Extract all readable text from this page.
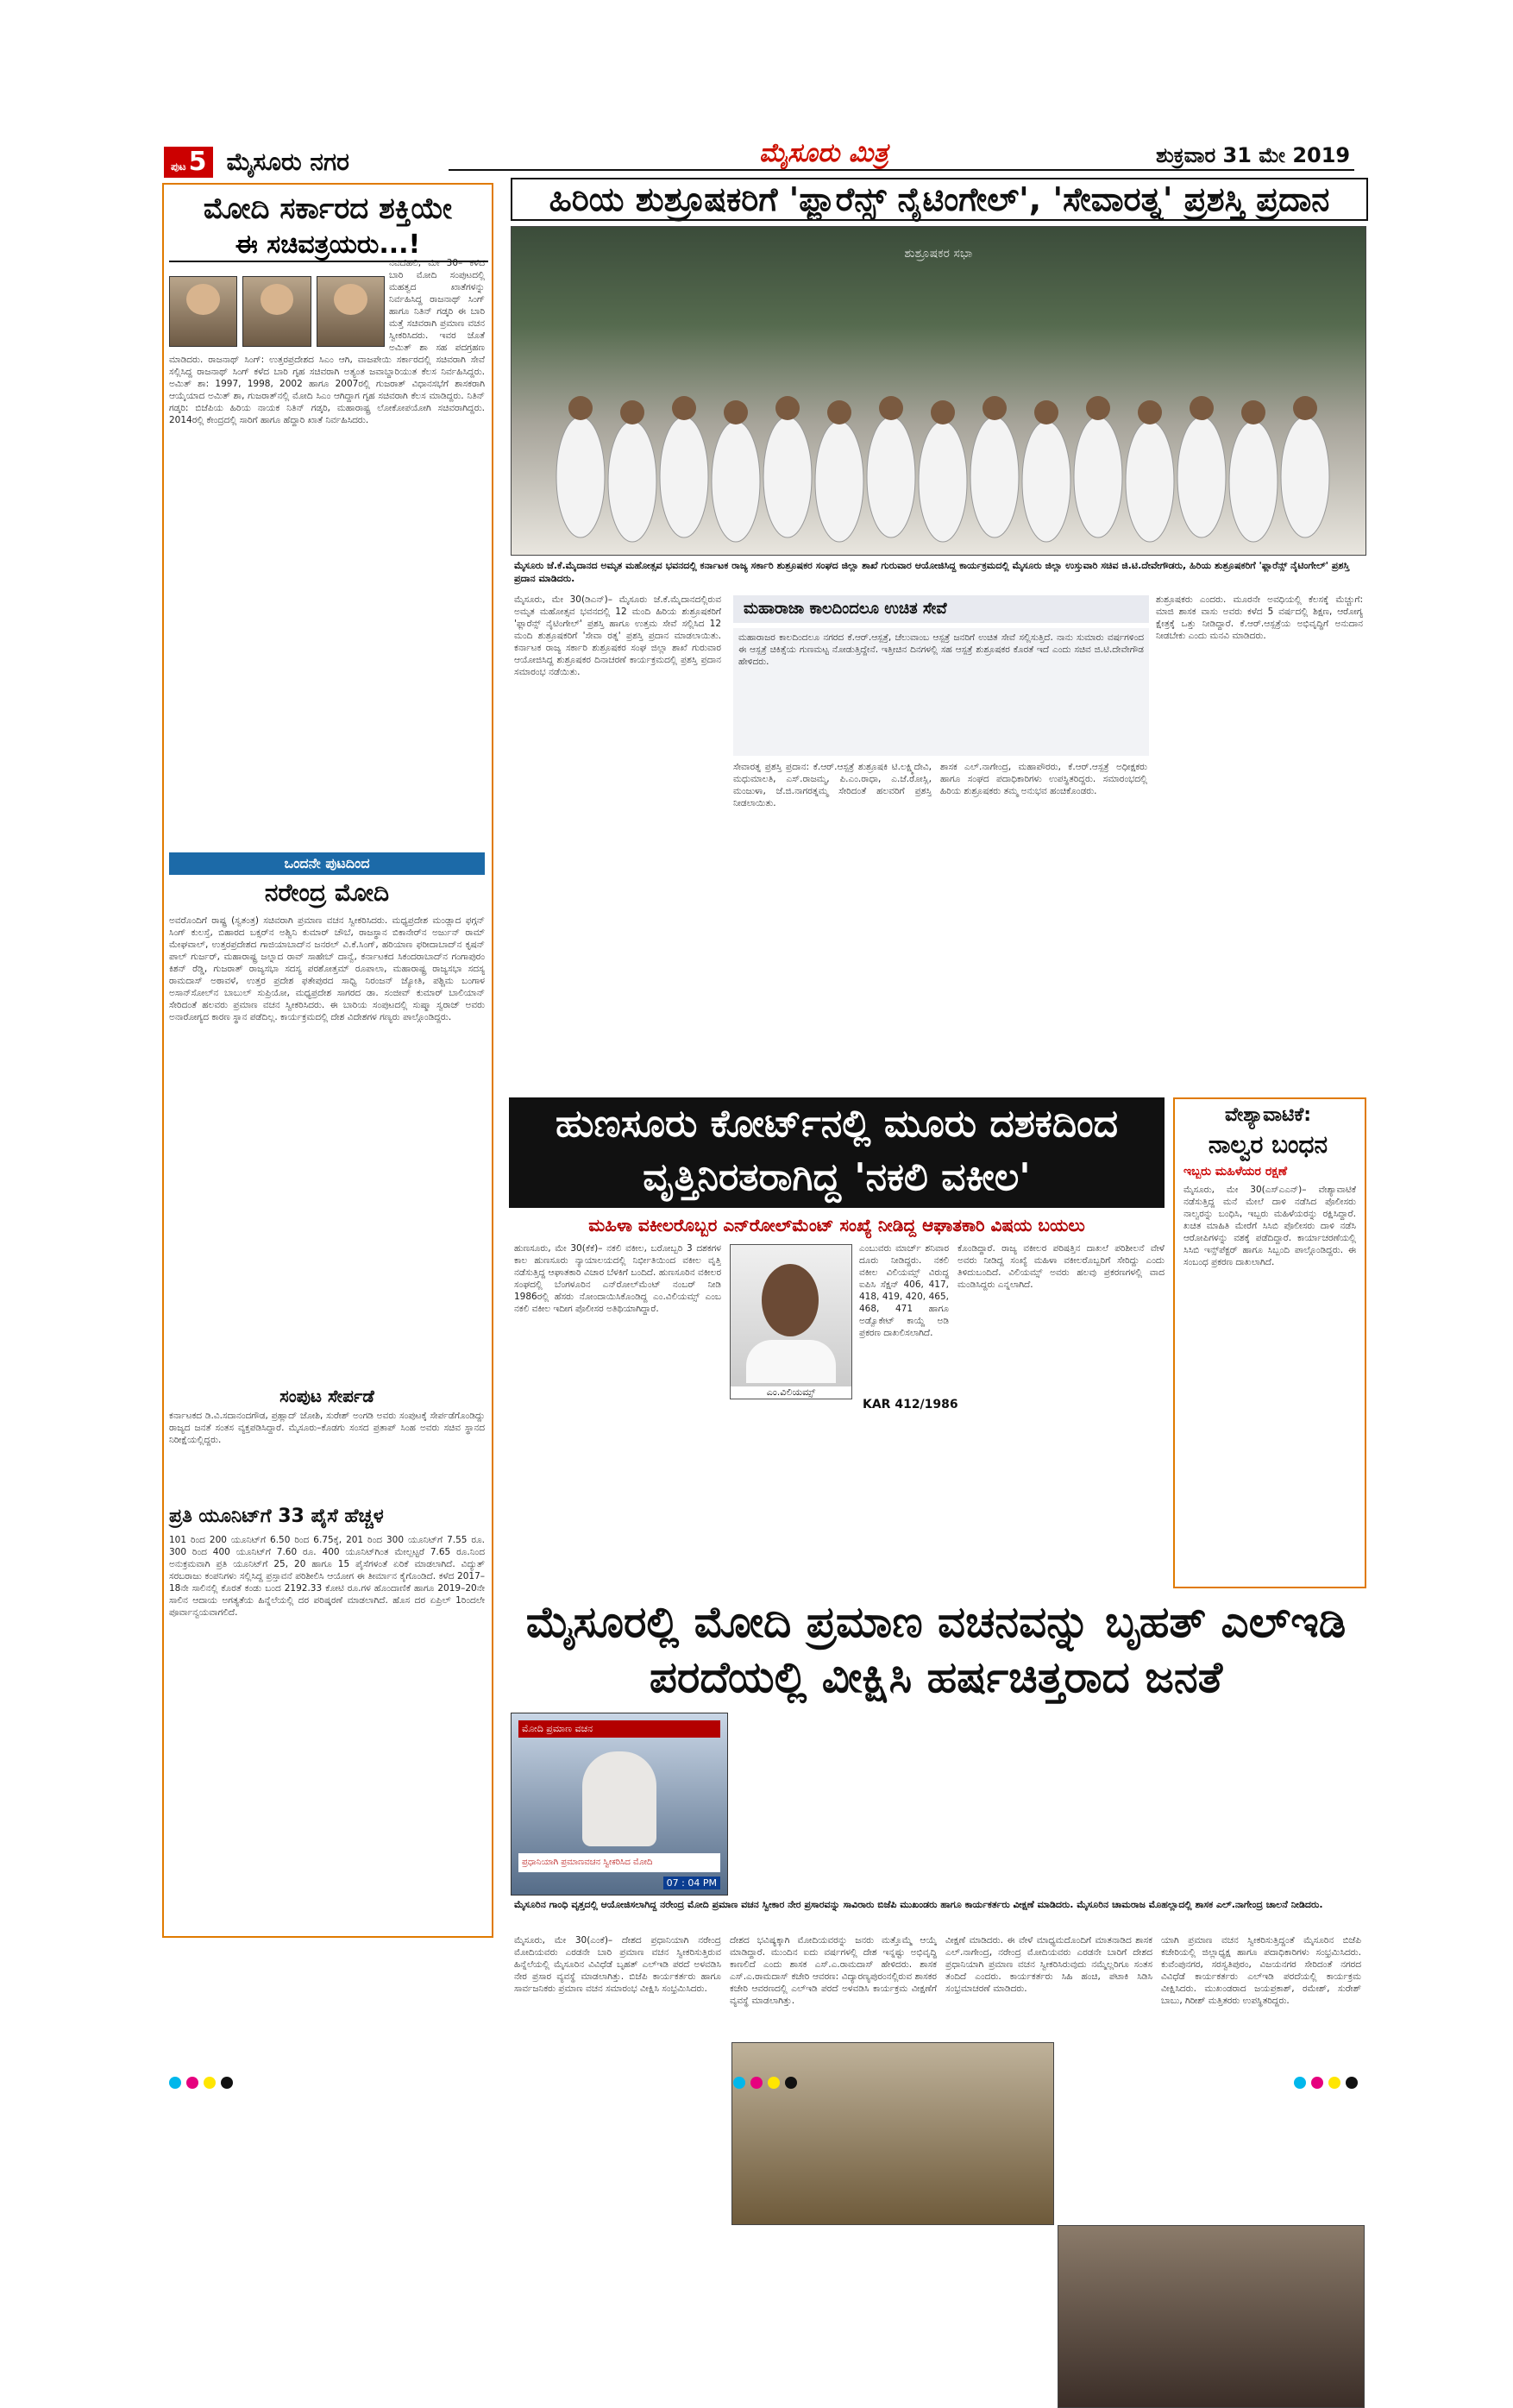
ಪುಟ 5 ಮೈಸೂರು ನಗರ	ಮೈಸೂರು ಮಿತ್ರ	ಶುಕ್ರವಾರ 31 ಮೇ 2019
ಮೋದಿ ಸರ್ಕಾರದ ಶಕ್ತಿಯೇ
ಈ ಸಚಿವತ್ರಯರು...!
ನವದೆಹಲಿ, ಮೇ 30– ಕಳೆದ ಬಾರಿ ಮೋದಿ ಸಂಪುಟದಲ್ಲಿ ಮಹತ್ವದ ಖಾತೆಗಳನ್ನು ನಿರ್ವಹಿಸಿದ್ದ ರಾಜನಾಥ್ ಸಿಂಗ್ ಹಾಗೂ ನಿತಿನ್ ಗಡ್ಕರಿ ಈ ಬಾರಿ ಮತ್ತೆ ಸಚಿವರಾಗಿ ಪ್ರಮಾಣ ವಚನ ಸ್ವೀಕರಿಸಿದರು. ಇವರ ಜೊತೆ ಅಮಿತ್ ಶಾ ಸಹ ಪದಗ್ರಹಣ ಮಾಡಿದರು. ರಾಜನಾಥ್ ಸಿಂಗ್: ಉತ್ತರಪ್ರದೇಶದ ಸಿಎಂ ಆಗಿ, ವಾಜಪೇಯಿ ಸರ್ಕಾರದಲ್ಲಿ ಸಚಿವರಾಗಿ ಸೇವೆ ಸಲ್ಲಿಸಿದ್ದ ರಾಜನಾಥ್ ಸಿಂಗ್ ಕಳೆದ ಬಾರಿ ಗೃಹ ಸಚಿವರಾಗಿ ಅತ್ಯಂತ ಜವಾಬ್ದಾರಿಯುತ ಕೆಲಸ ನಿರ್ವಹಿಸಿದ್ದರು. ಅಮಿತ್ ಶಾ: 1997, 1998, 2002 ಹಾಗೂ 2007ರಲ್ಲಿ ಗುಜರಾತ್ ವಿಧಾನಸಭೆಗೆ ಶಾಸಕರಾಗಿ ಆಯ್ಕೆಯಾದ ಅಮಿತ್ ಶಾ, ಗುಜರಾತ್‌ನಲ್ಲಿ ಮೋದಿ ಸಿಎಂ ಆಗಿದ್ದಾಗ ಗೃಹ ಸಚಿವರಾಗಿ ಕೆಲಸ ಮಾಡಿದ್ದರು. ನಿತಿನ್ ಗಡ್ಕರಿ: ಬಿಜೆಪಿಯ ಹಿರಿಯ ನಾಯಕ ನಿತಿನ್ ಗಡ್ಕರಿ, ಮಹಾರಾಷ್ಟ್ರ ಲೋಕೋಪಯೋಗಿ ಸಚಿವರಾಗಿದ್ದರು. 2014ರಲ್ಲಿ ಕೇಂದ್ರದಲ್ಲಿ ಸಾರಿಗೆ ಹಾಗೂ ಹೆದ್ದಾರಿ ಖಾತೆ ನಿರ್ವಹಿಸಿದರು.
ಒಂದನೇ ಪುಟದಿಂದ
ನರೇಂದ್ರ ಮೋದಿ
ಅವರೊಂದಿಗೆ ರಾಷ್ಟ್ರ (ಸ್ವತಂತ್ರ) ಸಚಿವರಾಗಿ ಪ್ರಮಾಣ ವಚನ ಸ್ವೀಕರಿಸಿದರು. ಮಧ್ಯಪ್ರದೇಶ ಮಂಡ್ಲಾದ ಫಗ್ಗನ್ ಸಿಂಗ್ ಕುಲಸ್ತೆ, ಬಿಹಾರದ ಬಕ್ಸರ್‌ನ ಅಶ್ವಿನಿ ಕುಮಾರ್ ಚೌಬೆ, ರಾಜಸ್ಥಾನ ಬಿಕಾನೇರ್‌ನ ಅರ್ಜುನ್ ರಾಮ್ ಮೇಘವಾಲ್, ಉತ್ತರಪ್ರದೇಶದ ಗಾಜಿಯಾಬಾದ್‌ನ ಜನರಲ್ ವಿ.ಕೆ.ಸಿಂಗ್, ಹರಿಯಾಣ ಫರೀದಾಬಾದ್‌ನ ಕೃಷನ್ ಪಾಲ್ ಗುರ್ಜರ್, ಮಹಾರಾಷ್ಟ್ರ ಜಲ್ನಾದ ರಾವ್ ಸಾಹೇಬ್ ದಾನ್ವೆ, ಕರ್ನಾಟಕದ ಸಿಕಂದರಾಬಾದ್‌ನ ಗಂಗಾಪುರಂ ಕಿಶನ್ ರೆಡ್ಡಿ, ಗುಜರಾತ್ ರಾಜ್ಯಸಭಾ ಸದಸ್ಯ ಪರಶೋತ್ತಮ್ ರೂಪಾಲಾ, ಮಹಾರಾಷ್ಟ್ರ ರಾಜ್ಯಸಭಾ ಸದಸ್ಯ ರಾಮದಾಸ್ ಅಠಾವಳೆ, ಉತ್ತರ ಪ್ರದೇಶ ಫತೇಪುರದ ಸಾಧ್ವಿ ನಿರಂಜನ್ ಜ್ಯೋತಿ, ಪಶ್ಚಿಮ ಬಂಗಾಳ ಅಸಾನ್‌ಸೋಲ್‌ನ ಬಾಬುಲ್ ಸುಪ್ರಿಯೋ, ಮಧ್ಯಪ್ರದೇಶ ಸಾಗರದ ಡಾ. ಸಂಜೀವ್ ಕುಮಾರ್ ಬಾಲಿಯಾನ್ ಸೇರಿದಂತೆ ಹಲವರು ಪ್ರಮಾಣ ವಚನ ಸ್ವೀಕರಿಸಿದರು. ಈ ಬಾರಿಯ ಸಂಪುಟದಲ್ಲಿ ಸುಷ್ಮಾ ಸ್ವರಾಜ್ ಅವರು ಅನಾರೋಗ್ಯದ ಕಾರಣ ಸ್ಥಾನ ಪಡೆದಿಲ್ಲ. ಕಾರ್ಯಕ್ರಮದಲ್ಲಿ ದೇಶ ವಿದೇಶಗಳ ಗಣ್ಯರು ಪಾಲ್ಗೊಂಡಿದ್ದರು.
ಸಂಪುಟ ಸೇರ್ಪಡೆ
ಕರ್ನಾಟಕದ ಡಿ.ವಿ.ಸದಾನಂದಗೌಡ, ಪ್ರಹ್ಲಾದ್ ಜೋಶಿ, ಸುರೇಶ್ ಅಂಗಡಿ ಅವರು ಸಂಪುಟಕ್ಕೆ ಸೇರ್ಪಡೆಗೊಂಡಿದ್ದು ರಾಜ್ಯದ ಜನತೆ ಸಂತಸ ವ್ಯಕ್ತಪಡಿಸಿದ್ದಾರೆ. ಮೈಸೂರು–ಕೊಡಗು ಸಂಸದ ಪ್ರತಾಪ್ ಸಿಂಹ ಅವರು ಸಚಿವ ಸ್ಥಾನದ ನಿರೀಕ್ಷೆಯಲ್ಲಿದ್ದರು.
ಪ್ರತಿ ಯೂನಿಟ್‌ಗೆ 33 ಪೈಸೆ ಹೆಚ್ಚಳ
101 ರಿಂದ 200 ಯೂನಿಟ್‌ಗೆ 6.50 ರಿಂದ 6.75ಕ್ಕೆ, 201 ರಿಂದ 300 ಯೂನಿಟ್‌ಗೆ 7.55 ರೂ. 300 ರಿಂದ 400 ಯೂನಿಟ್‌ಗೆ 7.60 ರೂ. 400 ಯೂನಿಟ್‌ಗಿಂತ ಮೇಲ್ಪಟ್ಟರೆ 7.65 ರೂ.ನಿಂದ ಅನುಕ್ರಮವಾಗಿ ಪ್ರತಿ ಯೂನಿಟ್‌ಗೆ 25, 20 ಹಾಗೂ 15 ಪೈಸೆಗಳಂತೆ ಏರಿಕೆ ಮಾಡಲಾಗಿದೆ. ವಿದ್ಯುತ್ ಸರಬರಾಜು ಕಂಪನಿಗಳು ಸಲ್ಲಿಸಿದ್ದ ಪ್ರಸ್ತಾವನೆ ಪರಿಶೀಲಿಸಿ ಆಯೋಗ ಈ ತೀರ್ಮಾನ ಕೈಗೊಂಡಿದೆ. ಕಳೆದ 2017–18ನೇ ಸಾಲಿನಲ್ಲಿ ಕೊರತೆ ಕಂಡು ಬಂದ 2192.33 ಕೋಟಿ ರೂ.ಗಳ ಹೊಂದಾಣಿಕೆ ಹಾಗೂ 2019–20ನೇ ಸಾಲಿನ ಆದಾಯ ಅಗತ್ಯತೆಯ ಹಿನ್ನೆಲೆಯಲ್ಲಿ ದರ ಪರಿಷ್ಕರಣೆ ಮಾಡಲಾಗಿದೆ. ಹೊಸ ದರ ಏಪ್ರಿಲ್ 1ರಿಂದಲೇ ಪೂರ್ವಾನ್ವಯವಾಗಲಿದೆ.
ಹಿರಿಯ ಶುಶ್ರೂಷಕರಿಗೆ 'ಫ್ಲಾರೆನ್ಸ್ ನೈಟಿಂಗೇಲ್', 'ಸೇವಾರತ್ನ' ಪ್ರಶಸ್ತಿ ಪ್ರದಾನ
ಶುಶ್ರೂಷಕರ ಸಭಾ
ಮೈಸೂರು ಜೆ.ಕೆ.ಮೈದಾನದ ಅಮೃತ ಮಹೋತ್ಸವ ಭವನದಲ್ಲಿ ಕರ್ನಾಟಕ ರಾಜ್ಯ ಸರ್ಕಾರಿ ಶುಶ್ರೂಷಕರ ಸಂಘದ ಜಿಲ್ಲಾ ಶಾಖೆ ಗುರುವಾರ ಆಯೋಜಿಸಿದ್ದ ಕಾರ್ಯಕ್ರಮದಲ್ಲಿ ಮೈಸೂರು ಜಿಲ್ಲಾ ಉಸ್ತುವಾರಿ ಸಚಿವ ಜಿ.ಟಿ.ದೇವೇಗೌಡರು, ಹಿರಿಯ ಶುಶ್ರೂಷಕರಿಗೆ 'ಫ್ಲಾರೆನ್ಸ್ ನೈಟಿಂಗೇಲ್' ಪ್ರಶಸ್ತಿ ಪ್ರದಾನ ಮಾಡಿದರು.
ಮೈಸೂರು, ಮೇ 30(ಡಿಎನ್)– ಮೈಸೂರು ಜೆ.ಕೆ.ಮೈದಾನದಲ್ಲಿರುವ ಅಮೃತ ಮಹೋತ್ಸವ ಭವನದಲ್ಲಿ 12 ಮಂದಿ ಹಿರಿಯ ಶುಶ್ರೂಷಕರಿಗೆ 'ಫ್ಲಾರೆನ್ಸ್ ನೈಟಿಂಗೇಲ್' ಪ್ರಶಸ್ತಿ ಹಾಗೂ ಉತ್ತಮ ಸೇವೆ ಸಲ್ಲಿಸಿದ 12 ಮಂದಿ ಶುಶ್ರೂಷಕರಿಗೆ 'ಸೇವಾ ರತ್ನ' ಪ್ರಶಸ್ತಿ ಪ್ರದಾನ ಮಾಡಲಾಯಿತು. ಕರ್ನಾಟಕ ರಾಜ್ಯ ಸರ್ಕಾರಿ ಶುಶ್ರೂಷಕರ ಸಂಘ ಜಿಲ್ಲಾ ಶಾಖೆ ಗುರುವಾರ ಆಯೋಜಿಸಿದ್ದ ಶುಶ್ರೂಷಕರ ದಿನಾಚರಣೆ ಕಾರ್ಯಕ್ರಮದಲ್ಲಿ ಪ್ರಶಸ್ತಿ ಪ್ರದಾನ ಸಮಾರಂಭ ನಡೆಯಿತು.
ಮಹಾರಾಜಾ ಕಾಲದಿಂದಲೂ ಉಚಿತ ಸೇವೆ
ಮಹಾರಾಜರ ಕಾಲದಿಂದಲೂ ನಗರದ ಕೆ.ಆರ್.ಆಸ್ಪತ್ರೆ, ಚೆಲುವಾಂಬ ಆಸ್ಪತ್ರೆ ಜನರಿಗೆ ಉಚಿತ ಸೇವೆ ಸಲ್ಲಿಸುತ್ತಿದೆ. ನಾನು ಸುಮಾರು ವರ್ಷಗಳಿಂದ ಈ ಆಸ್ಪತ್ರೆ ಚಿಕಿತ್ಸೆಯ ಗುಣಮಟ್ಟ ನೋಡುತ್ತಿದ್ದೇನೆ. ಇತ್ತೀಚಿನ ದಿನಗಳಲ್ಲಿ ಸಹ ಆಸ್ಪತ್ರೆ ಶುಶ್ರೂಷಕರ ಕೊರತೆ ಇದೆ ಎಂದು ಸಚಿವ ಜಿ.ಟಿ.ದೇವೇಗೌಡ ಹೇಳಿದರು.
ಸೇವಾರತ್ನ ಪ್ರಶಸ್ತಿ ಪ್ರದಾನ: ಕೆ.ಆರ್.ಆಸ್ಪತ್ರೆ ಶುಶ್ರೂಷಕಿ ಟಿ.ಲಕ್ಷ್ಮಿದೇವಿ, ಮಧುಮಾಲತಿ, ಎಸ್.ರಾಜಮ್ಮ, ಪಿ.ಎಂ.ರಾಧಾ, ಎ.ಜೆ.ರೋಸ್ಲಿ, ಮಂಜುಳಾ, ಜೆ.ಜಿ.ನಾಗರತ್ನಮ್ಮ ಸೇರಿದಂತೆ ಹಲವರಿಗೆ ಪ್ರಶಸ್ತಿ ನೀಡಲಾಯಿತು.
ಶಾಸಕ ಎಲ್.ನಾಗೇಂದ್ರ, ಮಹಾಪೌರರು, ಕೆ.ಆರ್.ಆಸ್ಪತ್ರೆ ಅಧೀಕ್ಷಕರು ಹಾಗೂ ಸಂಘದ ಪದಾಧಿಕಾರಿಗಳು ಉಪಸ್ಥಿತರಿದ್ದರು. ಸಮಾರಂಭದಲ್ಲಿ ಹಿರಿಯ ಶುಶ್ರೂಷಕರು ತಮ್ಮ ಅನುಭವ ಹಂಚಿಕೊಂಡರು.
ಶುಶ್ರೂಷಕರು ಎಂದರು. ಮೂರನೇ ಅವಧಿಯಲ್ಲಿ ಕೆಲಸಕ್ಕೆ ಮೆಚ್ಚುಗೆ: ಮಾಜಿ ಶಾಸಕ ವಾಸು ಅವರು ಕಳೆದ 5 ವರ್ಷದಲ್ಲಿ ಶಿಕ್ಷಣ, ಆರೋಗ್ಯ ಕ್ಷೇತ್ರಕ್ಕೆ ಒತ್ತು ನೀಡಿದ್ದಾರೆ. ಕೆ.ಆರ್.ಆಸ್ಪತ್ರೆಯ ಅಭಿವೃದ್ಧಿಗೆ ಅನುದಾನ ನೀಡಬೇಕು ಎಂದು ಮನವಿ ಮಾಡಿದರು.
ಹುಣಸೂರು ಕೋರ್ಟ್‌ನಲ್ಲಿ ಮೂರು ದಶಕದಿಂದ ವೃತ್ತಿನಿರತರಾಗಿದ್ದ 'ನಕಲಿ ವಕೀಲ'
ಮಹಿಳಾ ವಕೀಲರೊಬ್ಬರ ಎನ್‌ರೋಲ್‌ಮೆಂಟ್ ಸಂಖ್ಯೆ ನೀಡಿದ್ದ ಆಘಾತಕಾರಿ ವಿಷಯ ಬಯಲು
ಹುಣಸೂರು, ಮೇ 30(ಕೆಕೆ)– ನಕಲಿ ವಕೀಲ, ಬರೋಬ್ಬರಿ 3 ದಶಕಗಳ ಕಾಲ ಹುಣಸೂರು ನ್ಯಾಯಾಲಯದಲ್ಲಿ ನಿರ್ಭೀತಿಯಿಂದ ವಕೀಲ ವೃತ್ತಿ ನಡೆಸುತ್ತಿದ್ದ ಆಘಾತಕಾರಿ ವಿಚಾರ ಬೆಳಕಿಗೆ ಬಂದಿದೆ. ಹುಣಸೂರಿನ ವಕೀಲರ ಸಂಘದಲ್ಲಿ ಬೆಂಗಳೂರಿನ ಎನ್‌ರೋಲ್‌ಮೆಂಟ್ ನಂಬರ್ ನೀಡಿ 1986ರಲ್ಲಿ ಹೆಸರು ನೋಂದಾಯಿಸಿಕೊಂಡಿದ್ದ ಎಂ.ವಿಲಿಯಮ್ಸ್ ಎಂಬ ನಕಲಿ ವಕೀಲ ಇದೀಗ ಪೊಲೀಸರ ಅತಿಥಿಯಾಗಿದ್ದಾರೆ.
ಎಂ.ವಿಲಿಯಮ್ಸ್
ಎಂಬುವರು ಮಾರ್ಚ್ ಶನಿವಾರ ದೂರು ನೀಡಿದ್ದರು. ನಕಲಿ ವಕೀಲ ವಿಲಿಯಮ್ಸ್ ವಿರುದ್ಧ ಐಪಿಸಿ ಸೆಕ್ಷನ್ 406, 417, 418, 419, 420, 465, 468, 471 ಹಾಗೂ ಅಡ್ವೊಕೇಟ್ ಕಾಯ್ದೆ ಅಡಿ ಪ್ರಕರಣ ದಾಖಲಿಸಲಾಗಿದೆ.
ಕೊಂಡಿದ್ದಾರೆ. ರಾಜ್ಯ ವಕೀಲರ ಪರಿಷತ್ತಿನ ದಾಖಲೆ ಪರಿಶೀಲನೆ ವೇಳೆ ಅವರು ನೀಡಿದ್ದ ಸಂಖ್ಯೆ ಮಹಿಳಾ ವಕೀಲರೊಬ್ಬರಿಗೆ ಸೇರಿದ್ದು ಎಂದು ತಿಳಿದುಬಂದಿದೆ. ವಿಲಿಯಮ್ಸ್ ಅವರು ಹಲವು ಪ್ರಕರಣಗಳಲ್ಲಿ ವಾದ ಮಂಡಿಸಿದ್ದರು ಎನ್ನಲಾಗಿದೆ.
KAR 412/1986
ವೇಶ್ಯಾವಾಟಿಕೆ:
ನಾಲ್ವರ ಬಂಧನ
ಇಬ್ಬರು ಮಹಿಳೆಯರ ರಕ್ಷಣೆ
ಮೈಸೂರು, ಮೇ 30(ಎಸ್‌ಎಎನ್)– ವೇಶ್ಯಾವಾಟಿಕೆ ನಡೆಸುತ್ತಿದ್ದ ಮನೆ ಮೇಲೆ ದಾಳಿ ನಡೆಸಿದ ಪೊಲೀಸರು ನಾಲ್ವರನ್ನು ಬಂಧಿಸಿ, ಇಬ್ಬರು ಮಹಿಳೆಯರನ್ನು ರಕ್ಷಿಸಿದ್ದಾರೆ. ಖಚಿತ ಮಾಹಿತಿ ಮೇರೆಗೆ ಸಿಸಿಬಿ ಪೊಲೀಸರು ದಾಳಿ ನಡೆಸಿ ಆರೋಪಿಗಳನ್ನು ವಶಕ್ಕೆ ಪಡೆದಿದ್ದಾರೆ. ಕಾರ್ಯಾಚರಣೆಯಲ್ಲಿ ಸಿಸಿಬಿ ಇನ್ಸ್‌ಪೆಕ್ಟರ್ ಹಾಗೂ ಸಿಬ್ಬಂದಿ ಪಾಲ್ಗೊಂಡಿದ್ದರು. ಈ ಸಂಬಂಧ ಪ್ರಕರಣ ದಾಖಲಾಗಿದೆ.
ಮೈಸೂರಲ್ಲಿ ಮೋದಿ ಪ್ರಮಾಣ ವಚನವನ್ನು ಬೃಹತ್ ಎಲ್‌ಇಡಿ ಪರದೆಯಲ್ಲಿ ವೀಕ್ಷಿಸಿ ಹರ್ಷಚಿತ್ತರಾದ ಜನತೆ
ಮೋದಿ ಪ್ರಮಾಣ ವಚನ
ಪ್ರಧಾನಿಯಾಗಿ ಪ್ರಮಾಣವಚನ ಸ್ವೀಕರಿಸಿದ ಮೋದಿ
07 : 04 PM
ಮೈಸೂರಿನ ಗಾಂಧಿ ವೃತ್ತದಲ್ಲಿ ಆಯೋಜಿಸಲಾಗಿದ್ದ ನರೇಂದ್ರ ಮೋದಿ ಪ್ರಮಾಣ ವಚನ ಸ್ವೀಕಾರ ನೇರ ಪ್ರಸಾರವನ್ನು ಸಾವಿರಾರು ಬಿಜೆಪಿ ಮುಖಂಡರು ಹಾಗೂ ಕಾರ್ಯಕರ್ತರು ವೀಕ್ಷಣೆ ಮಾಡಿದರು. ಮೈಸೂರಿನ ಚಾಮರಾಜ ಮೊಹಲ್ಲಾದಲ್ಲಿ ಶಾಸಕ ಎಲ್.ನಾಗೇಂದ್ರ ಚಾಲನೆ ನೀಡಿದರು.
ಮೈಸೂರು, ಮೇ 30(ಎಂಕೆ)– ದೇಶದ ಪ್ರಧಾನಿಯಾಗಿ ನರೇಂದ್ರ ಮೋದಿಯವರು ಎರಡನೇ ಬಾರಿ ಪ್ರಮಾಣ ವಚನ ಸ್ವೀಕರಿಸುತ್ತಿರುವ ಹಿನ್ನೆಲೆಯಲ್ಲಿ ಮೈಸೂರಿನ ವಿವಿಧೆಡೆ ಬೃಹತ್ ಎಲ್‌ಇಡಿ ಪರದೆ ಅಳವಡಿಸಿ ನೇರ ಪ್ರಸಾರ ವ್ಯವಸ್ಥೆ ಮಾಡಲಾಗಿತ್ತು. ಬಿಜೆಪಿ ಕಾರ್ಯಕರ್ತರು ಹಾಗೂ ಸಾರ್ವಜನಿಕರು ಪ್ರಮಾಣ ವಚನ ಸಮಾರಂಭ ವೀಕ್ಷಿಸಿ ಸಂಭ್ರಮಿಸಿದರು.
ದೇಶದ ಭವಿಷ್ಯಕ್ಕಾಗಿ ಮೋದಿಯವರನ್ನು ಜನರು ಮತ್ತೊಮ್ಮೆ ಆಯ್ಕೆ ಮಾಡಿದ್ದಾರೆ. ಮುಂದಿನ ಐದು ವರ್ಷಗಳಲ್ಲಿ ದೇಶ ಇನ್ನಷ್ಟು ಅಭಿವೃದ್ಧಿ ಕಾಣಲಿದೆ ಎಂದು ಶಾಸಕ ಎಸ್.ಎ.ರಾಮದಾಸ್ ಹೇಳಿದರು. ಶಾಸಕ ಎಸ್.ಎ.ರಾಮದಾಸ್ ಕಚೇರಿ ಆವರಣ: ವಿದ್ಯಾರಣ್ಯಪುರಂನಲ್ಲಿರುವ ಶಾಸಕರ ಕಚೇರಿ ಆವರಣದಲ್ಲಿ ಎಲ್‌ಇಡಿ ಪರದೆ ಅಳವಡಿಸಿ ಕಾರ್ಯಕ್ರಮ ವೀಕ್ಷಣೆಗೆ ವ್ಯವಸ್ಥೆ ಮಾಡಲಾಗಿತ್ತು.
ವೀಕ್ಷಣೆ ಮಾಡಿದರು. ಈ ವೇಳೆ ಮಾಧ್ಯಮದೊಂದಿಗೆ ಮಾತನಾಡಿದ ಶಾಸಕ ಎಲ್.ನಾಗೇಂದ್ರ, ನರೇಂದ್ರ ಮೋದಿಯವರು ಎರಡನೇ ಬಾರಿಗೆ ದೇಶದ ಪ್ರಧಾನಿಯಾಗಿ ಪ್ರಮಾಣ ವಚನ ಸ್ವೀಕರಿಸಿರುವುದು ನಮ್ಮೆಲ್ಲರಿಗೂ ಸಂತಸ ತಂದಿದೆ ಎಂದರು. ಕಾರ್ಯಕರ್ತರು ಸಿಹಿ ಹಂಚಿ, ಪಟಾಕಿ ಸಿಡಿಸಿ ಸಂಭ್ರಮಾಚರಣೆ ಮಾಡಿದರು.
ಯಾಗಿ ಪ್ರಮಾಣ ವಚನ ಸ್ವೀಕರಿಸುತ್ತಿದ್ದಂತೆ ಮೈಸೂರಿನ ಬಿಜೆಪಿ ಕಚೇರಿಯಲ್ಲಿ ಜಿಲ್ಲಾಧ್ಯಕ್ಷ ಹಾಗೂ ಪದಾಧಿಕಾರಿಗಳು ಸಂಭ್ರಮಿಸಿದರು. ಕುವೆಂಪುನಗರ, ಸರಸ್ವತಿಪುರಂ, ವಿಜಯನಗರ ಸೇರಿದಂತೆ ನಗರದ ವಿವಿಧೆಡೆ ಕಾರ್ಯಕರ್ತರು ಎಲ್‌ಇಡಿ ಪರದೆಯಲ್ಲಿ ಕಾರ್ಯಕ್ರಮ ವೀಕ್ಷಿಸಿದರು. ಮುಖಂಡರಾದ ಜಯಪ್ರಕಾಶ್, ರಮೇಶ್, ಸುರೇಶ್ ಬಾಬು, ಗಿರೀಶ್ ಮತ್ತಿತರರು ಉಪಸ್ಥಿತರಿದ್ದರು.
